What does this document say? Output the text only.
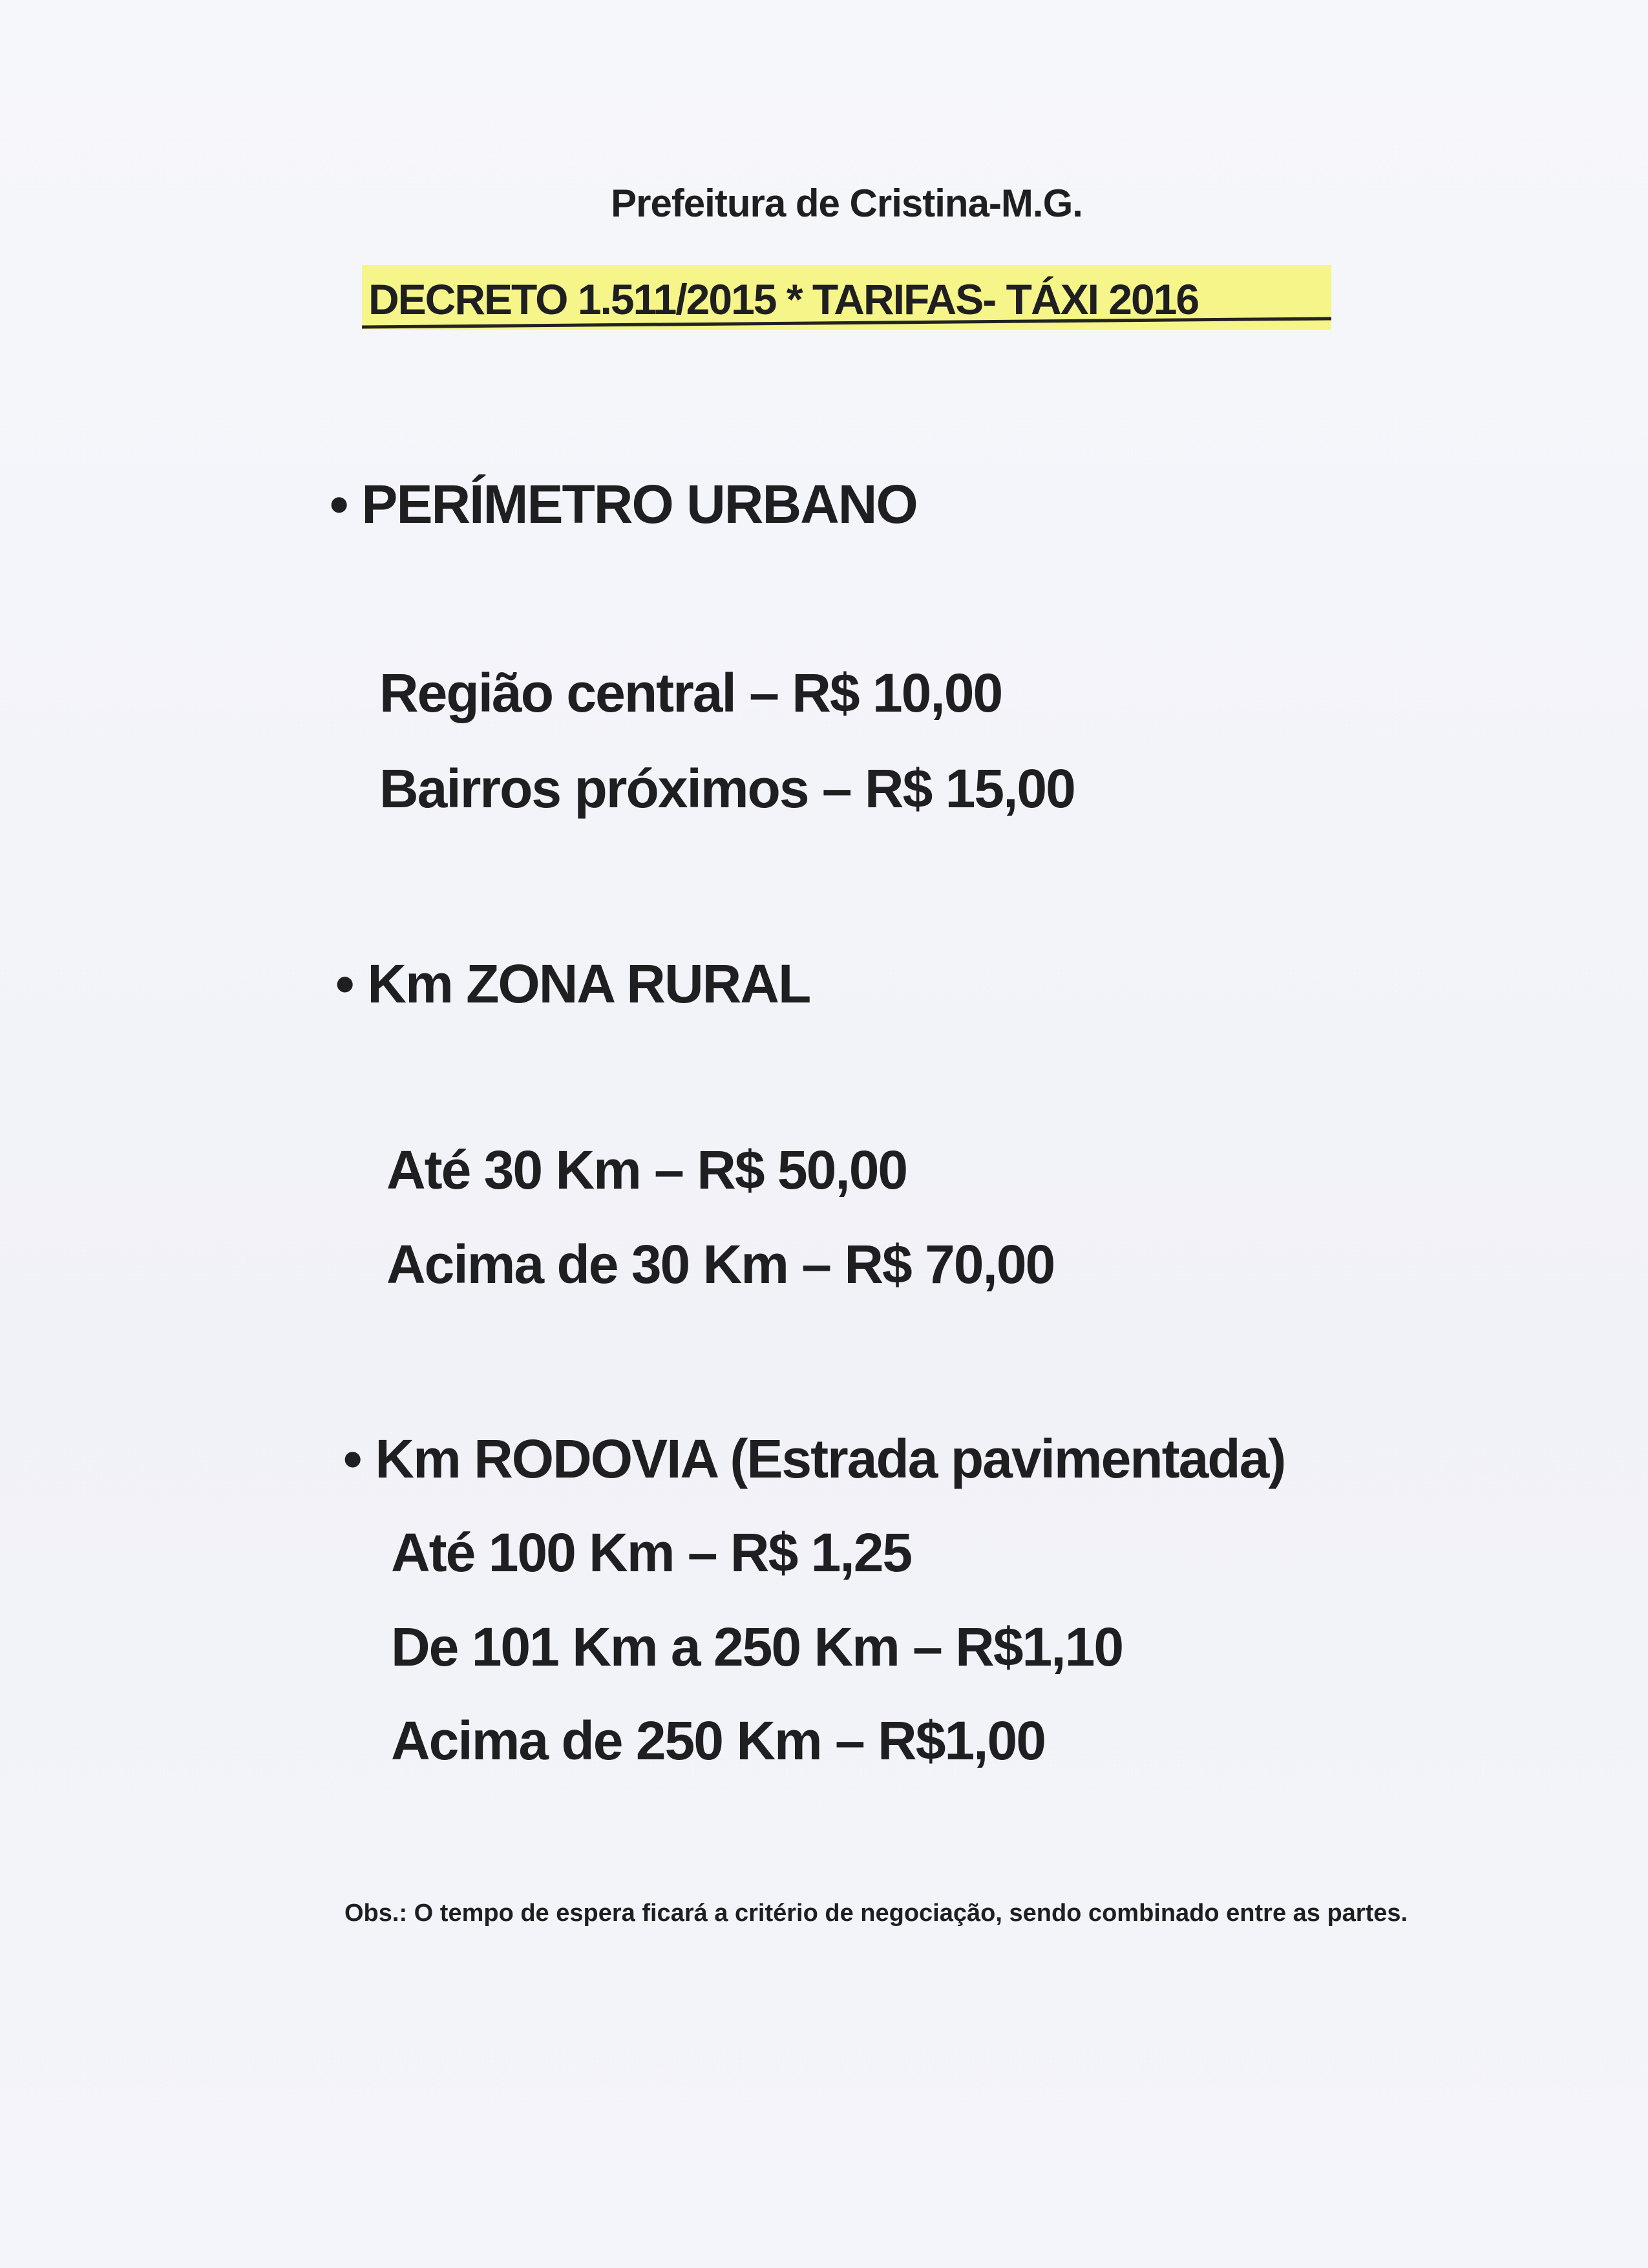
Prefeitura de Cristina-M.G.
DECRETO 1.511/2015 * TARIFAS- TÁXI 2016
• PERÍMETRO URBANO
Região central – R$ 10,00
Bairros próximos – R$ 15,00
• Km ZONA RURAL
Até 30 Km – R$ 50,00
Acima de 30 Km – R$ 70,00
• Km RODOVIA (Estrada pavimentada)
Até 100 Km – R$ 1,25
De 101 Km a 250 Km – R$1,10
Acima de 250 Km – R$1,00
Obs.: O tempo de espera ficará a critério de negociação, sendo combinado entre as partes.
